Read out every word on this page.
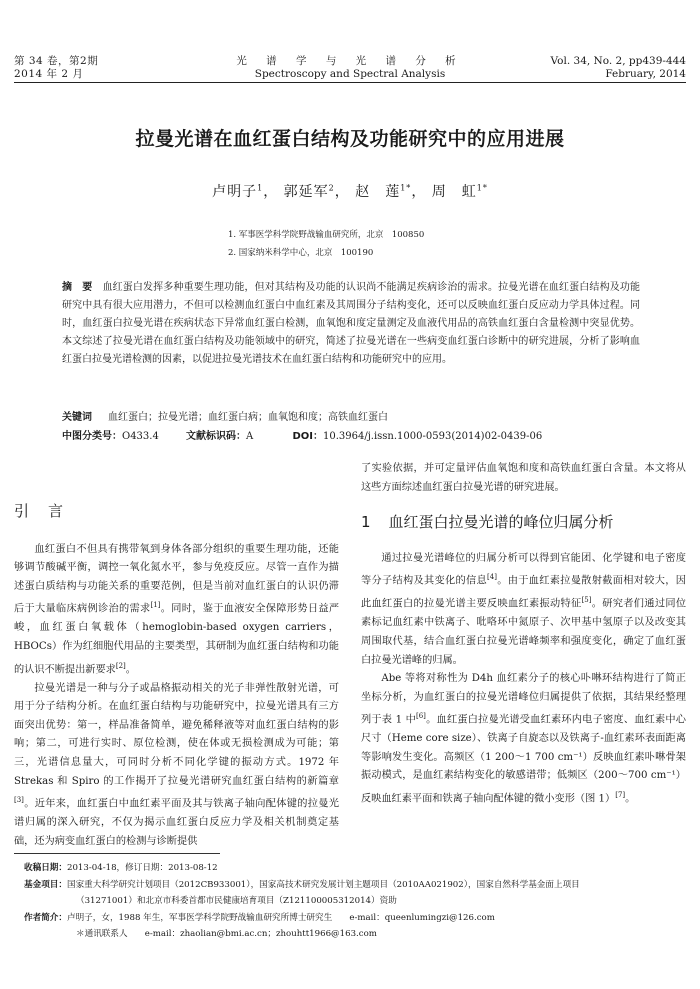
第 34 卷，第2期
2014 年 2 月
光 谱 学 与 光 谱 分 析
Spectroscopy and Spectral Analysis
Vol. 34, No. 2, pp439-444
February, 2014
拉曼光谱在血红蛋白结构及功能研究中的应用进展
卢明子$^1$， 郭延军$^2$， 赵　莲$^{1*}$， 周　虹$^{1*}$
1. 军事医学科学院野战输血研究所，北京　100850
2. 国家纳米科学中心，北京　100190
摘　要 血红蛋白发挥多种重要生理功能，但对其结构及功能的认识尚不能满足疾病诊治的需求。拉曼光谱在血红蛋白结构及功能研究中具有很大应用潜力，不但可以检测血红蛋白中血红素及其周围分子结构变化，还可以反映血红蛋白反应动力学具体过程。同时，血红蛋白拉曼光谱在疾病状态下异常血红蛋白检测，血氧饱和度定量测定及血液代用品的高铁血红蛋白含量检测中突显优势。本文综述了拉曼光谱在血红蛋白结构及功能领域中的研究，简述了拉曼光谱在一些病变血红蛋白诊断中的研究进展，分析了影响血红蛋白拉曼光谱检测的因素，以促进拉曼光谱技术在血红蛋白结构和功能研究中的应用。
关键词 血红蛋白；拉曼光谱；血红蛋白病；血氧饱和度；高铁血红蛋白
中图分类号：O433.4	文献标识码：A	DOI：10.3964/j.issn.1000-0593(2014)02-0439-06
引　言

血红蛋白不但具有携带氧到身体各部分组织的重要生理功能，还能够调节酸碱平衡，调控一氧化氮水平，参与免疫反应。尽管一直作为描述蛋白质结构与功能关系的重要范例，但是当前对血红蛋白的认识仍滞后于大量临床病例诊治的需求[1]。同时，鉴于血液安全保障形势日益严峻，血红蛋白氧载体（hemoglobin-based oxygen carriers，HBOCs）作为红细胞代用品的主要类型，其研制为血红蛋白结构和功能的认识不断提出新要求[2]。

拉曼光谱是一种与分子或晶格振动相关的光子非弹性散射光谱，可用于分子结构分析。在血红蛋白结构与功能研究中，拉曼光谱具有三方面突出优势：第一，样品准备简单，避免稀释液等对血红蛋白结构的影响；第二，可进行实时、原位检测，使在体或无损检测成为可能；第三，光谱信息量大，可同时分析不同化学键的振动方式。1972 年 Strekas 和 Spiro 的工作揭开了拉曼光谱研究血红蛋白结构的新篇章[3]。近年来，血红蛋白中血红素平面及其与铁离子轴向配体键的拉曼光谱归属的深入研究，不仅为揭示血红蛋白反应力学及相关机制奠定基础，还为病变血红蛋白的检测与诊断提供

了实验依据，并可定量评估血氧饱和度和高铁血红蛋白含量。本文将从这些方面综述血红蛋白拉曼光谱的研究进展。

1 血红蛋白拉曼光谱的峰位归属分析

通过拉曼光谱峰位的归属分析可以得到官能团、化学键和电子密度等分子结构及其变化的信息[4]。由于血红素拉曼散射截面相对较大，因此血红蛋白的拉曼光谱主要反映血红素振动特征[5]。研究者们通过同位素标记血红素中铁离子、吡咯环中氮原子、次甲基中氢原子以及改变其周围取代基，结合血红蛋白拉曼光谱峰频率和强度变化，确定了血红蛋白拉曼光谱峰的归属。

Abe 等将对称性为 D4h 血红素分子的核心卟啉环结构进行了简正坐标分析，为血红蛋白的拉曼光谱峰位归属提供了依据，其结果经整理列于表 1 中[6]。血红蛋白拉曼光谱受血红素环内电子密度、血红素中心尺寸（Heme core size）、铁离子自旋态以及铁离子-血红素环表面距离等影响发生变化。高频区（1 200～1 700 cm⁻¹）反映血红素卟啉骨架振动模式，是血红素结构变化的敏感谱带；低频区（200～700 cm⁻¹）反映血红素平面和铁离子轴向配体键的微小变形（图 1）[7]。

收稿日期：2013-04-18，修订日期：2013-08-12
基金项目：国家重大科学研究计划项目（2012CB933001），国家高技术研究发展计划主题项目（2010AA021902），国家自然科学基金面上项目
（31271001）和北京市科委首都市民健康培育项目（Z121100005312014）资助
作者简介：卢明子，女，1988 年生，军事医学科学院野战输血研究所博士研究生　　e-mail：queenlumingzi@126.com
＊通讯联系人　　e-mail：zhaolian@bmi.ac.cn；zhouhtt1966@163.com
